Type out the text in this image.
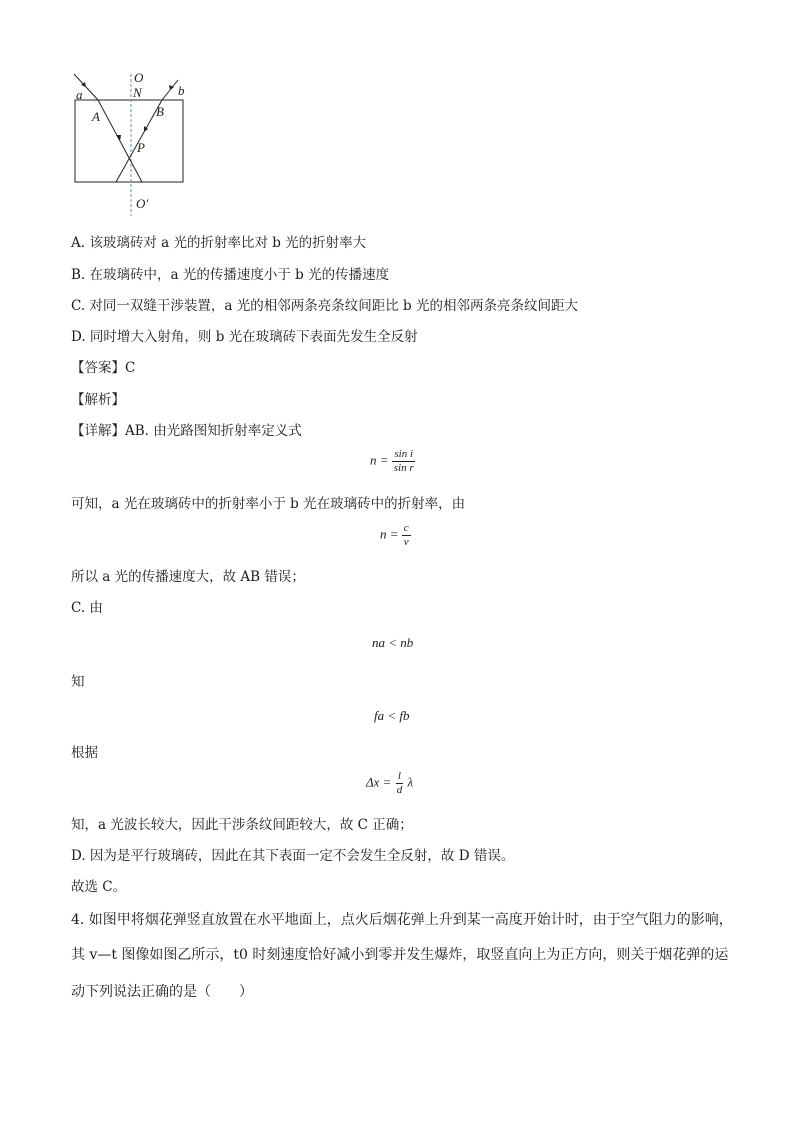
a	b
O
N
A	B
P
O′
A. 该玻璃砖对 a 光的折射率比对 b 光的折射率大
B. 在玻璃砖中，a 光的传播速度小于 b 光的传播速度
C. 对同一双缝干涉装置，a 光的相邻两条亮条纹间距比 b 光的相邻两条亮条纹间距大
D. 同时增大入射角，则 b 光在玻璃砖下表面先发生全反射
【答案】C
【解析】
【详解】AB. 由光路图知折射率定义式
$n = \frac{\text{sin i}}{\text{sin r}}$
可知，a 光在玻璃砖中的折射率小于 b 光在玻璃砖中的折射率，由
$n = \frac{c}{v}$
所以 a 光的传播速度大，故 AB 错误；
C. 由
na < nb
知
fa < fb
根据
$\Delta x = \frac{l}{d}$ λ
知，a 光波长较大，因此干涉条纹间距较大，故 C 正确；
D. 因为是平行玻璃砖，因此在其下表面一定不会发生全反射，故 D 错误。
故选 C。
4. 如图甲将烟花弹竖直放置在水平地面上，点火后烟花弹上升到某一高度开始计时，由于空气阻力的影响，
其 v—t 图像如图乙所示，t0 时刻速度恰好减小到零并发生爆炸，取竖直向上为正方向，则关于烟花弹的运
动下列说法正确的是（　　）
